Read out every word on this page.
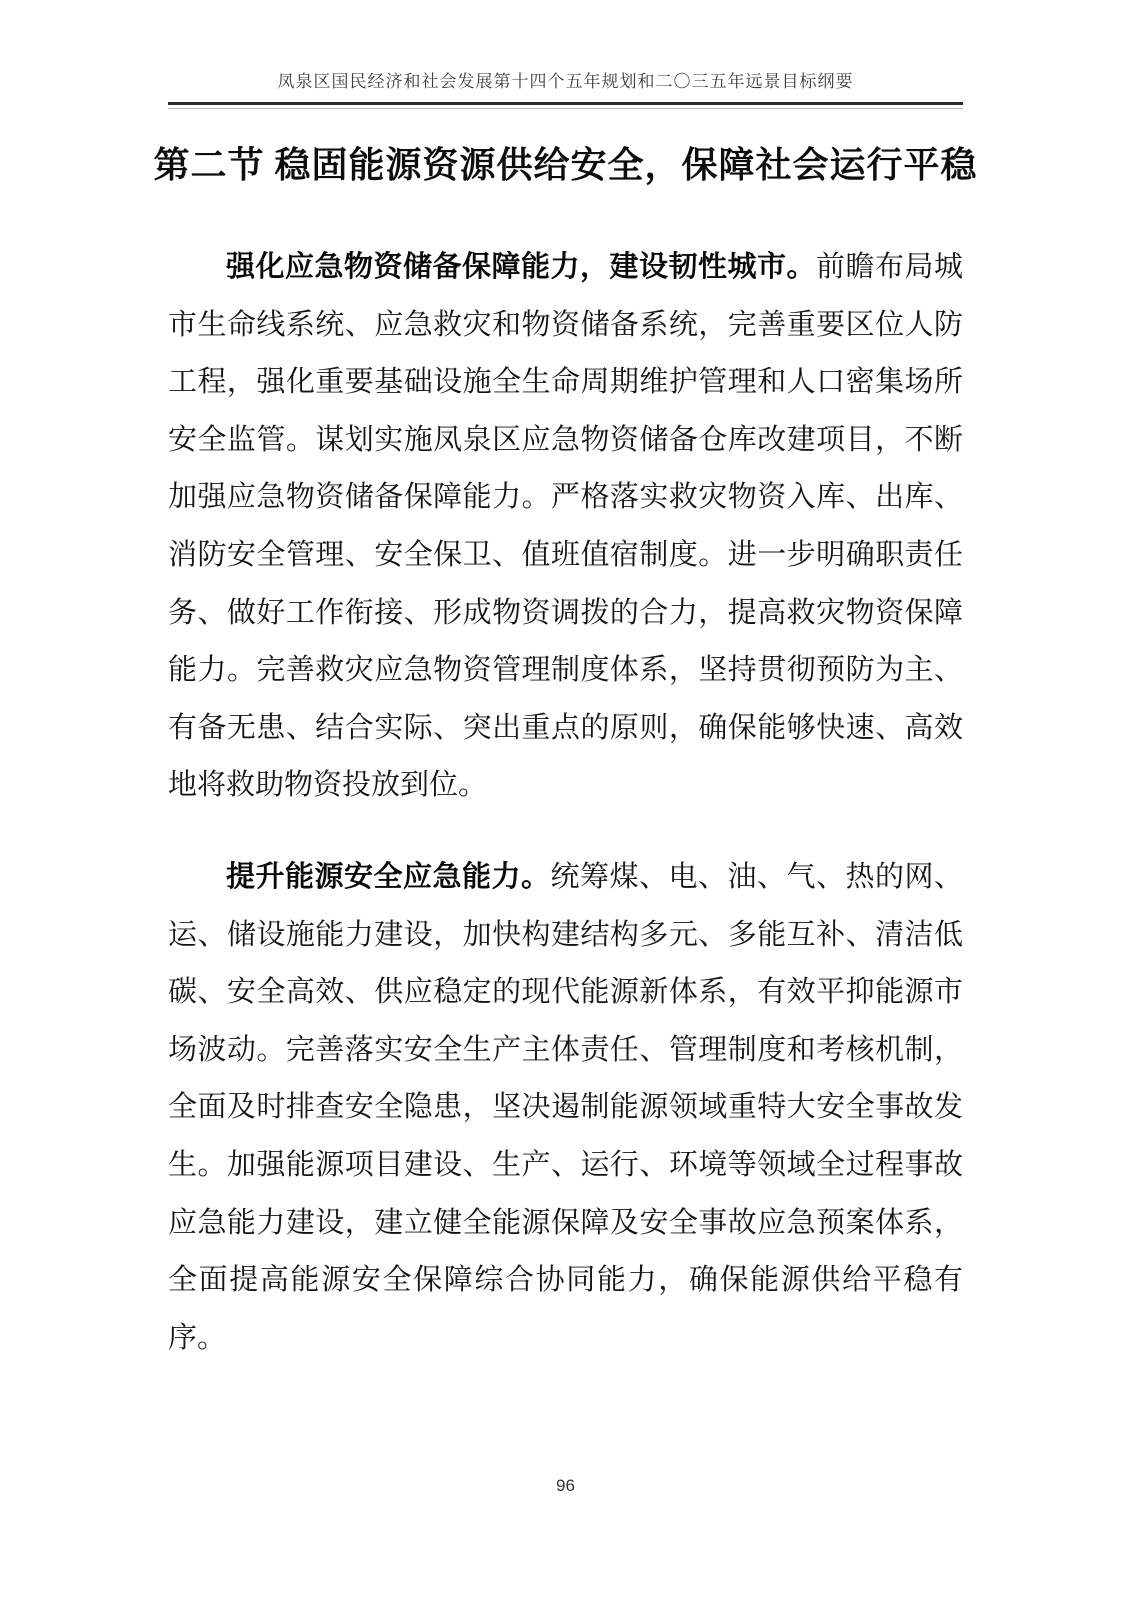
凤泉区国民经济和社会发展第十四个五年规划和二〇三五年远景目标纲要
第二节 稳固能源资源供给安全，保障社会运行平稳

强化应急物资储备保障能力，建设韧性城市。前瞻布局城市生命线系统、应急救灾和物资储备系统，完善重要区位人防工程，强化重要基础设施全生命周期维护管理和人口密集场所安全监管。谋划实施凤泉区应急物资储备仓库改建项目，不断加强应急物资储备保障能力。严格落实救灾物资入库、出库、消防安全管理、安全保卫、值班值宿制度。进一步明确职责任务、做好工作衔接、形成物资调拨的合力，提高救灾物资保障能力。完善救灾应急物资管理制度体系，坚持贯彻预防为主、有备无患、结合实际、突出重点的原则，确保能够快速、高效地将救助物资投放到位。

提升能源安全应急能力。统筹煤、电、油、气、热的网、运、储设施能力建设，加快构建结构多元、多能互补、清洁低碳、安全高效、供应稳定的现代能源新体系，有效平抑能源市场波动。完善落实安全生产主体责任、管理制度和考核机制，全面及时排查安全隐患，坚决遏制能源领域重特大安全事故发生。加强能源项目建设、生产、运行、环境等领域全过程事故应急能力建设，建立健全能源保障及安全事故应急预案体系，全面提高能源安全保障综合协同能力，确保能源供给平稳有序。

96
